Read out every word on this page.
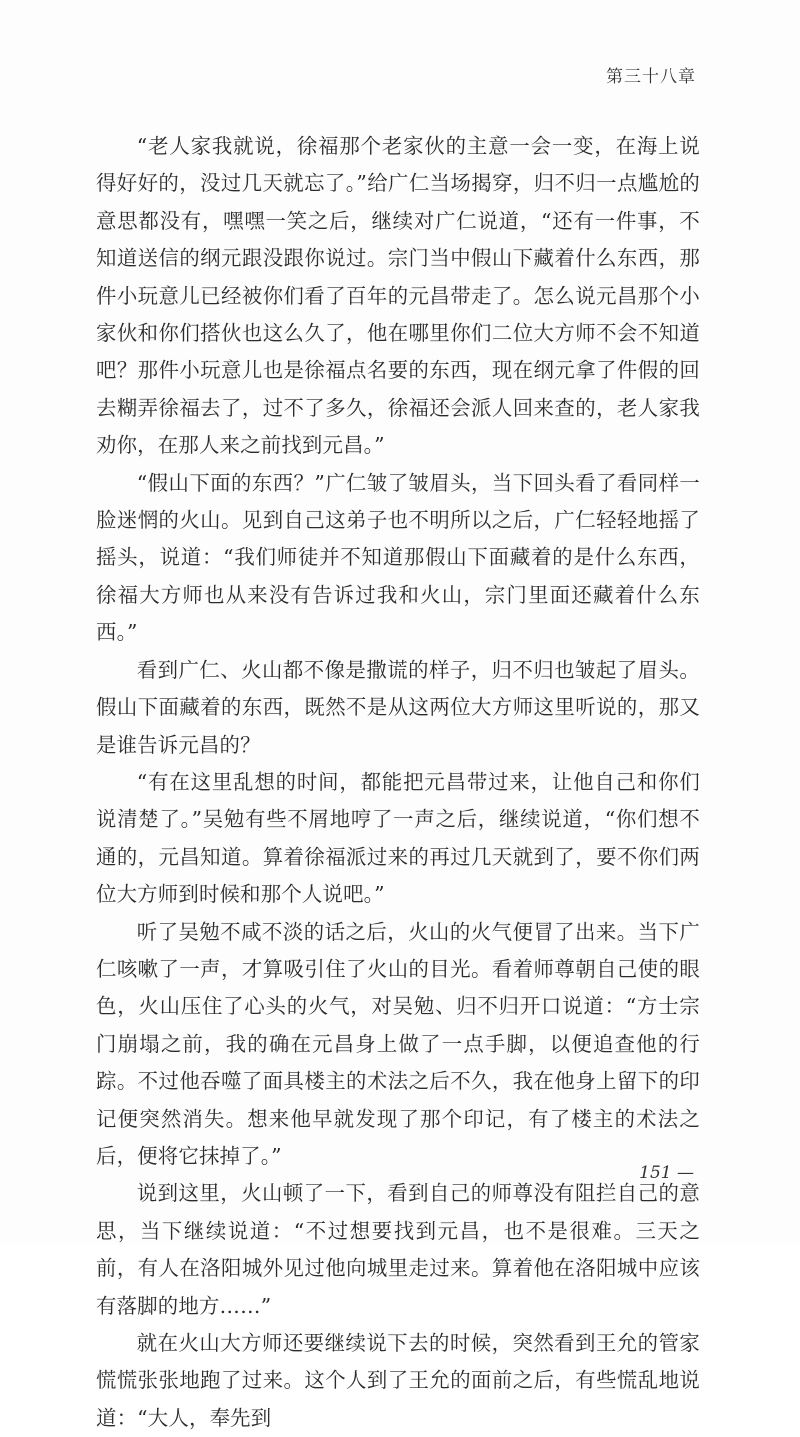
第三十八章

“老人家我就说，徐福那个老家伙的主意一会一变，在海上说得好好的，没过几天就忘了。”给广仁当场揭穿，归不归一点尴尬的意思都没有，嘿嘿一笑之后，继续对广仁说道，“还有一件事，不知道送信的纲元跟没跟你说过。宗门当中假山下藏着什么东西，那件小玩意儿已经被你们看了百年的元昌带走了。怎么说元昌那个小家伙和你们搭伙也这么久了，他在哪里你们二位大方师不会不知道吧？那件小玩意儿也是徐福点名要的东西，现在纲元拿了件假的回去糊弄徐福去了，过不了多久，徐福还会派人回来查的，老人家我劝你，在那人来之前找到元昌。”

“假山下面的东西？”广仁皱了皱眉头，当下回头看了看同样一脸迷惘的火山。见到自己这弟子也不明所以之后，广仁轻轻地摇了摇头，说道：“我们师徒并不知道那假山下面藏着的是什么东西，徐福大方师也从来没有告诉过我和火山，宗门里面还藏着什么东西。”

看到广仁、火山都不像是撒谎的样子，归不归也皱起了眉头。假山下面藏着的东西，既然不是从这两位大方师这里听说的，那又是谁告诉元昌的？

“有在这里乱想的时间，都能把元昌带过来，让他自己和你们说清楚了。”吴勉有些不屑地哼了一声之后，继续说道，“你们想不通的，元昌知道。算着徐福派过来的再过几天就到了，要不你们两位大方师到时候和那个人说吧。”

听了吴勉不咸不淡的话之后，火山的火气便冒了出来。当下广仁咳嗽了一声，才算吸引住了火山的目光。看着师尊朝自己使的眼色，火山压住了心头的火气，对吴勉、归不归开口说道：“方士宗门崩塌之前，我的确在元昌身上做了一点手脚，以便追查他的行踪。不过他吞噬了面具楼主的术法之后不久，我在他身上留下的印记便突然消失。想来他早就发现了那个印记，有了楼主的术法之后，便将它抹掉了。”

说到这里，火山顿了一下，看到自己的师尊没有阻拦自己的意思，当下继续说道：“不过想要找到元昌，也不是很难。三天之前，有人在洛阳城外见过他向城里走过来。算着他在洛阳城中应该有落脚的地方……”

就在火山大方师还要继续说下去的时候，突然看到王允的管家慌慌张张地跑了过来。这个人到了王允的面前之后，有些慌乱地说道：“大人，奉先到

151 —
